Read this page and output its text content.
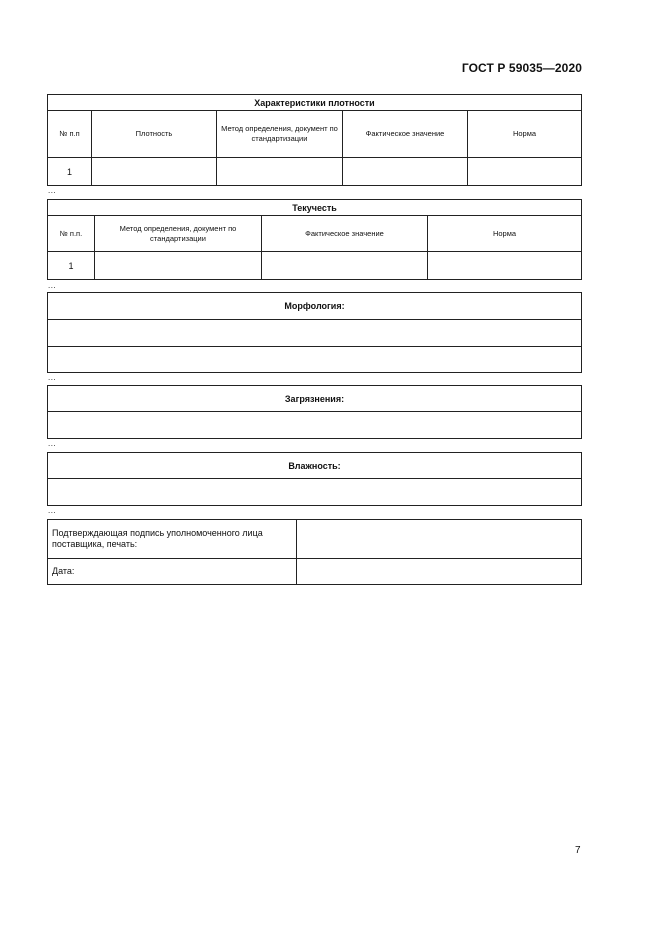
ГОСТ Р 59035—2020
Характеристики плотности				
№ п.п	Плотность	Метод определения, документ по стандартизации	Фактическое значение	Норма
1				
...
Текучесть			
№ п.п.	Метод определения, документ по стандартизации	Фактическое значение	Норма
1			
...
Морфология:

...
Загрязнения:

...
Влажность:

...
Подтверждающая подпись уполномоченного лица поставщика, печать:	
Дата:	
7
